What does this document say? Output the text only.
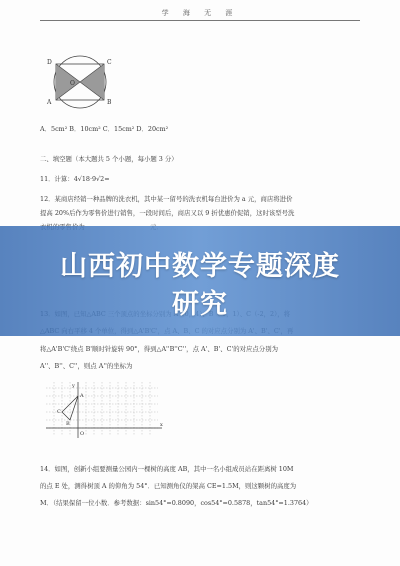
学 海 无 涯
D	C
O
A	B
A．5cm² B．10cm² C．15cm² D．20cm²
二、填空题（本大题共 5 个小题，每小题 3 分）
11．计算：4√18·9√2=
12．某商店经销一种品牌的洗衣机，其中某一留号的洗衣机每台进价为 a 元，商店将进价
提高 20%后作为零售价进行销售，一段时间后，商店又以 9 折优惠价促销，这时该型号洗
将△A'B'C'绕点 B'顺时针旋转 90°，得到△A''B''C''，点 A'、B'、C'的对应点分别为
A''、B''、C''，则点 A''的坐标为
y
x
O
A
B
C
14．如图，创新小组要测量公园内一棵树的高度 AB，其中一名小组成员站在距离树 10M
的点 E 处，测得树顶 A 的仰角为 54°．已知测角仪的架高 CE=1.5M，则这颗树的高度为
M．（结果保留一位小数．参考数据：sin54°=0.8090，cos54°=0.5878，tan54°=1.3764）
山西初中数学专题深度
研究
